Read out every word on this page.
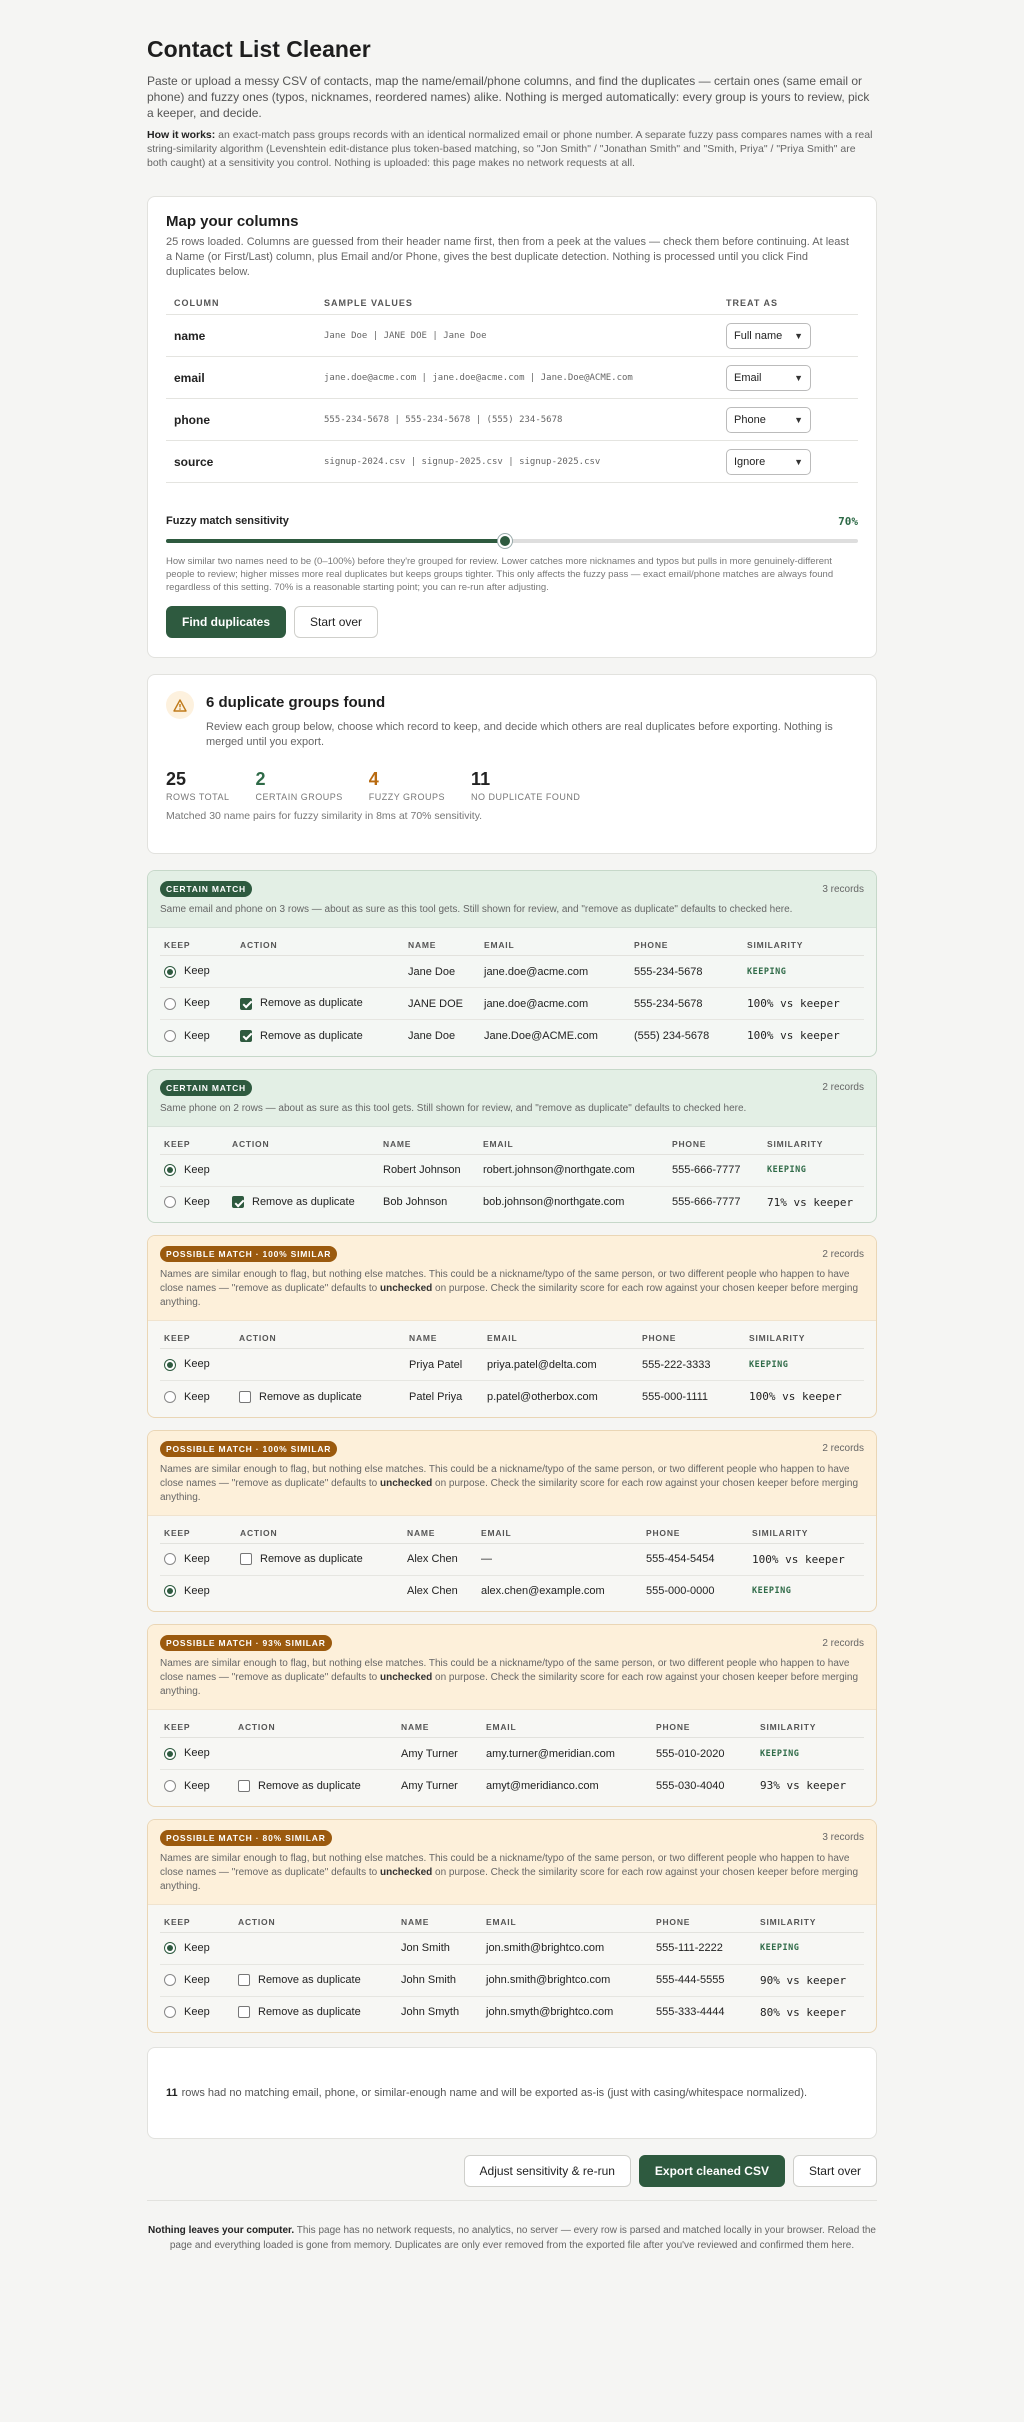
Contact List Cleaner

Paste or upload a messy CSV of contacts, map the name/email/phone columns, and find the duplicates — certain ones (same email or phone) and fuzzy ones (typos, nicknames, reordered names) alike. Nothing is merged automatically: every group is yours to review, pick a keeper, and decide.

How it works: an exact-match pass groups records with an identical normalized email or phone number. A separate fuzzy pass compares names with a real string-similarity algorithm (Levenshtein edit-distance plus token-based matching, so "Jon Smith" / "Jonathan Smith" and "Smith, Priya" / "Priya Smith" are both caught) at a sensitivity you control. Nothing is uploaded: this page makes no network requests at all.

Map your columns

25 rows loaded. Columns are guessed from their header name first, then from a peek at the values — check them before continuing. At least a Name (or First/Last) column, plus Email and/or Phone, gives the best duplicate detection. Nothing is processed until you click Find duplicates below.

COLUMN	SAMPLE VALUES	TREAT AS
name	Jane Doe | JANE DOE | Jane Doe	Full name ▼

email	jane.doe@acme.com | jane.doe@acme.com | Jane.Doe@ACME.com	Email ▼

phone	555-234-5678 | 555-234-5678 | (555) 234-5678	Phone ▼

source	signup-2024.csv | signup-2025.csv | signup-2025.csv	Ignore ▼
Fuzzy match sensitivity	70%

How similar two names need to be (0–100%) before they're grouped for review. Lower catches more nicknames and typos but pulls in more genuinely-different people to review; higher misses more real duplicates but keeps groups tighter. This only affects the fuzzy pass — exact email/phone matches are always found regardless of this setting. 70% is a reasonable starting point; you can re-run after adjusting.

Find duplicates	Start over
6 duplicate groups found

Review each group below, choose which record to keep, and decide which others are real duplicates before exporting. Nothing is merged until you export.

25
ROWS TOTAL
2
CERTAIN GROUPS
4
FUZZY GROUPS
11
NO DUPLICATE FOUND

Matched 30 name pairs for fuzzy similarity in 8ms at 70% sensitivity.

CERTAIN MATCH	3 records

Same email and phone on 3 rows — about as sure as this tool gets. Still shown for review, and "remove as duplicate" defaults to checked here.

KEEP	ACTION	NAME	EMAIL	PHONE	SIMILARITY
Keep		Jane Doe	jane.doe@acme.com	555-234-5678	KEEPING
Keep	Remove as duplicate	JANE DOE	jane.doe@acme.com	555-234-5678	100% vs keeper
Keep	Remove as duplicate	Jane Doe	Jane.Doe@ACME.com	(555) 234-5678	100% vs keeper
CERTAIN MATCH	2 records

Same phone on 2 rows — about as sure as this tool gets. Still shown for review, and "remove as duplicate" defaults to checked here.

KEEP	ACTION	NAME	EMAIL	PHONE	SIMILARITY
Keep		Robert Johnson	robert.johnson@northgate.com	555-666-7777	KEEPING
Keep	Remove as duplicate	Bob Johnson	bob.johnson@northgate.com	555-666-7777	71% vs keeper
POSSIBLE MATCH · 100% SIMILAR	2 records

Names are similar enough to flag, but nothing else matches. This could be a nickname/typo of the same person, or two different people who happen to have close names — "remove as duplicate" defaults to unchecked on purpose. Check the similarity score for each row against your chosen keeper before merging anything.

KEEP	ACTION	NAME	EMAIL	PHONE	SIMILARITY
Keep		Priya Patel	priya.patel@delta.com	555-222-3333	KEEPING
Keep	Remove as duplicate	Patel Priya	p.patel@otherbox.com	555-000-1111	100% vs keeper
POSSIBLE MATCH · 100% SIMILAR	2 records

Names are similar enough to flag, but nothing else matches. This could be a nickname/typo of the same person, or two different people who happen to have close names — "remove as duplicate" defaults to unchecked on purpose. Check the similarity score for each row against your chosen keeper before merging anything.

KEEP	ACTION	NAME	EMAIL	PHONE	SIMILARITY
Keep	Remove as duplicate	Alex Chen	—	555-454-5454	100% vs keeper
Keep		Alex Chen	alex.chen@example.com	555-000-0000	KEEPING
POSSIBLE MATCH · 93% SIMILAR	2 records

Names are similar enough to flag, but nothing else matches. This could be a nickname/typo of the same person, or two different people who happen to have close names — "remove as duplicate" defaults to unchecked on purpose. Check the similarity score for each row against your chosen keeper before merging anything.

KEEP	ACTION	NAME	EMAIL	PHONE	SIMILARITY
Keep		Amy Turner	amy.turner@meridian.com	555-010-2020	KEEPING
Keep	Remove as duplicate	Amy Turner	amyt@meridianco.com	555-030-4040	93% vs keeper
POSSIBLE MATCH · 80% SIMILAR	3 records

Names are similar enough to flag, but nothing else matches. This could be a nickname/typo of the same person, or two different people who happen to have close names — "remove as duplicate" defaults to unchecked on purpose. Check the similarity score for each row against your chosen keeper before merging anything.

KEEP	ACTION	NAME	EMAIL	PHONE	SIMILARITY
Keep		Jon Smith	jon.smith@brightco.com	555-111-2222	KEEPING
Keep	Remove as duplicate	John Smith	john.smith@brightco.com	555-444-5555	90% vs keeper
Keep	Remove as duplicate	John Smyth	john.smyth@brightco.com	555-333-4444	80% vs keeper

11 rows had no matching email, phone, or similar-enough name and will be exported as-is (just with casing/whitespace normalized).

Adjust sensitivity & re-run	Export cleaned CSV	Start over

Nothing leaves your computer. This page has no network requests, no analytics, no server — every row is parsed and matched locally in your browser. Reload the page and everything loaded is gone from memory. Duplicates are only ever removed from the exported file after you've reviewed and confirmed them here.
